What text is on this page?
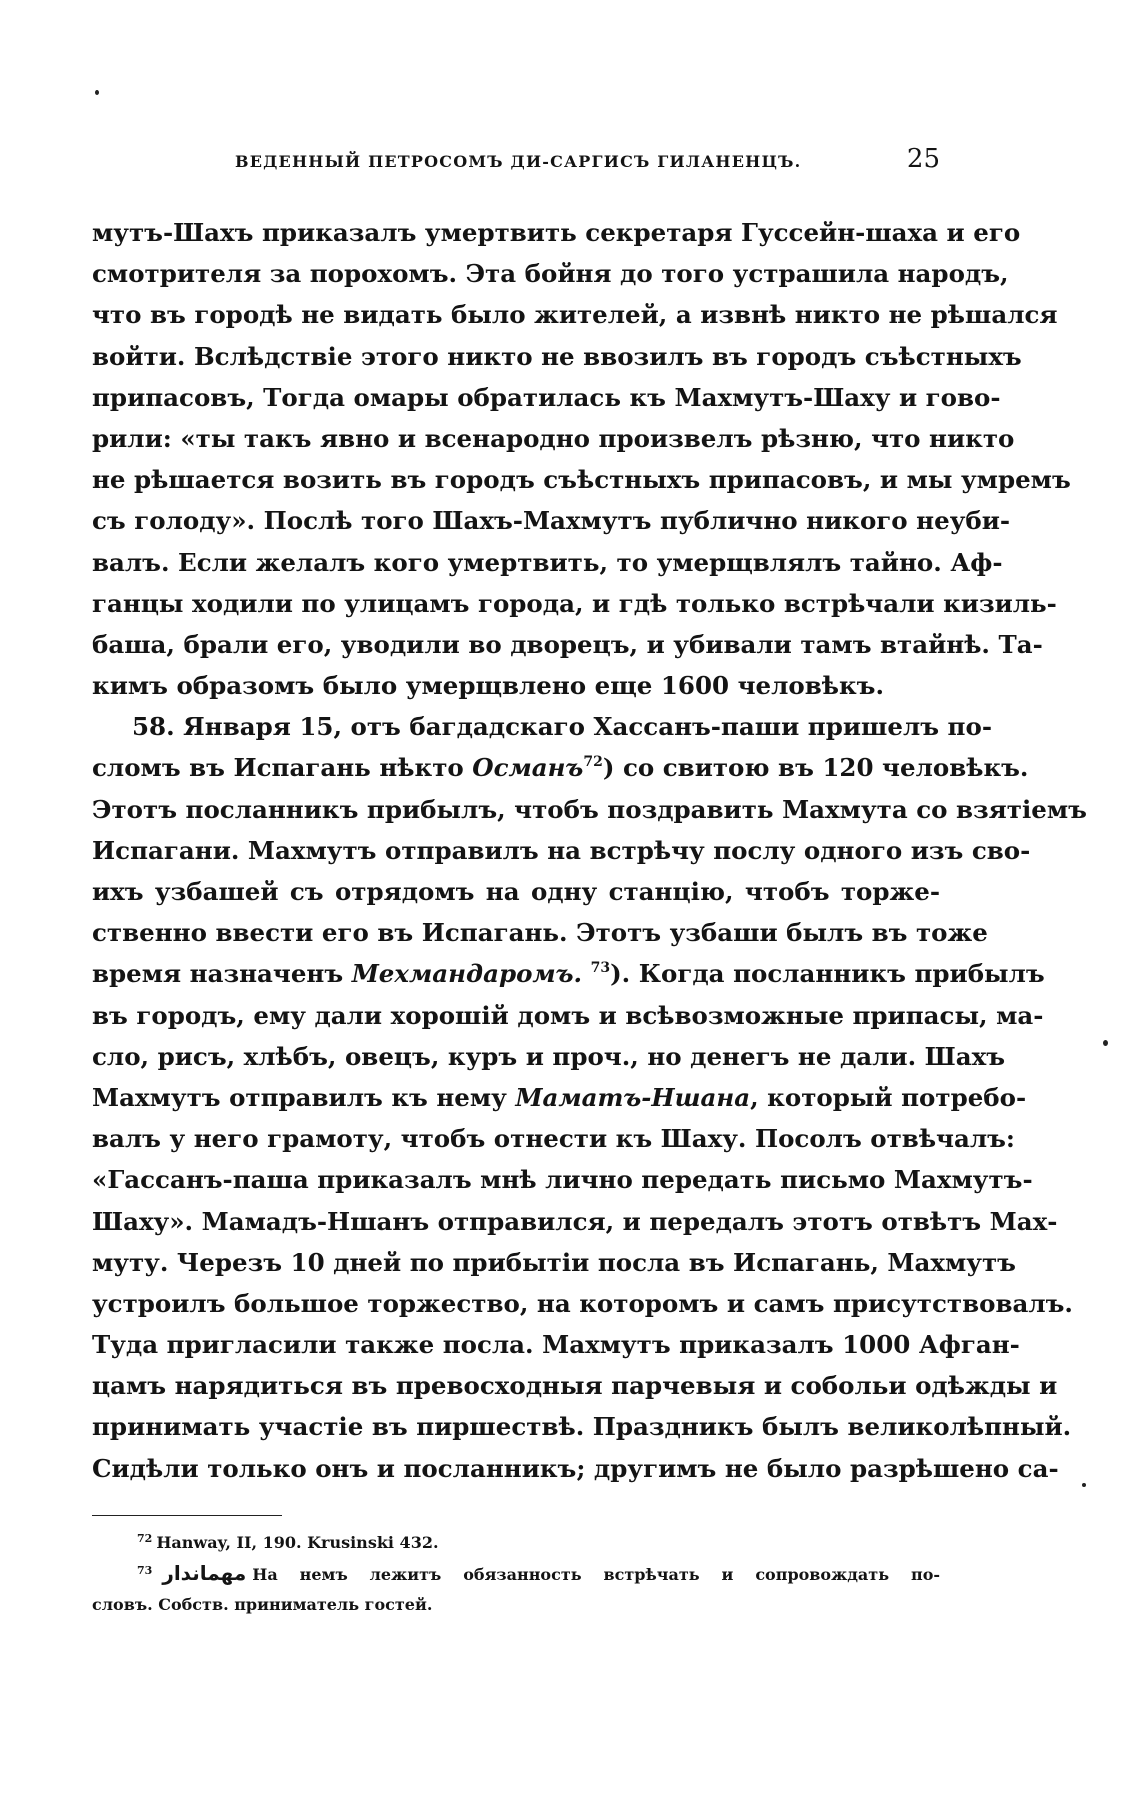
ВЕДЕННЫЙ ПЕТРОСОМЪ ДИ-САРГИСЪ ГИЛАНЕНЦЪ.	25
мутъ-Шахъ приказалъ умертвить секретаря Гуссейн-шаха и его
смотрителя за порохомъ. Эта бойня до того устрашила народъ,
что въ городѣ не видать было жителей, а извнѣ никто не рѣшался
войти. Вслѣдствіе этого никто не ввозилъ въ городъ съѣстныхъ
припасовъ, Тогда омары обратилась къ Махмутъ-Шаху и гово-
рили: «ты такъ явно и всенародно произвелъ рѣзню, что никто
не рѣшается возить въ городъ съѣстныхъ припасовъ, и мы умремъ
съ голоду». Послѣ того Шахъ-Махмутъ публично никого неуби-
валъ. Если желалъ кого умертвить, то умерщвлялъ тайно. Аф-
ганцы ходили по улицамъ города, и гдѣ только встрѣчали кизиль-
баша, брали его, уводили во дворецъ, и убивали тамъ втайнѣ. Та-
кимъ образомъ было умерщвлено еще 1600 человѣкъ.
58. Января 15, отъ багдадскаго Хассанъ-паши пришелъ по-
сломъ въ Испагань нѣкто Османъ$^{72}$) со свитою въ 120 человѣкъ.
Этотъ посланникъ прибылъ, чтобъ поздравить Махмута со взятіемъ
Испагани. Махмутъ отправилъ на встрѣчу послу одного изъ сво-
ихъ узбашей съ отрядомъ на одну станцію, чтобъ торже-
ственно ввести его въ Испагань. Этотъ узбаши былъ въ тоже
время назначенъ Мехмандаромъ. $^{73}$). Когда посланникъ прибылъ
въ городъ, ему дали хорошій домъ и всѣвозможные припасы, ма-
сло, рисъ, хлѣбъ, овецъ, куръ и проч., но денегъ не дали. Шахъ
Махмутъ отправилъ къ нему Маматъ-Ншана, который потребо-
валъ у него грамоту, чтобъ отнести къ Шаху. Посолъ отвѣчалъ:
«Гассанъ-паша приказалъ мнѣ лично передать письмо Махмутъ-
Шаху». Мамадъ-Ншанъ отправился, и передалъ этотъ отвѣтъ Мах-
муту. Черезъ 10 дней по прибытіи посла въ Испагань, Махмутъ
устроилъ большое торжество, на которомъ и самъ присутствовалъ.
Туда пригласили также посла. Махмутъ приказалъ 1000 Афган-
цамъ нарядиться въ превосходныя парчевыя и собольи одѣжды и
принимать участіе въ пиршествѣ. Праздникъ былъ великолѣпный.
Сидѣли только онъ и посланникъ; другимъ не было разрѣшено са-
$^{72}$ Hanway, II, 190. Krusinski 432.
$^{73}$ مهماندار На немъ лежитъ обязанность встрѣчать и сопровождать по-
словъ. Собств. приниматель гостей.
